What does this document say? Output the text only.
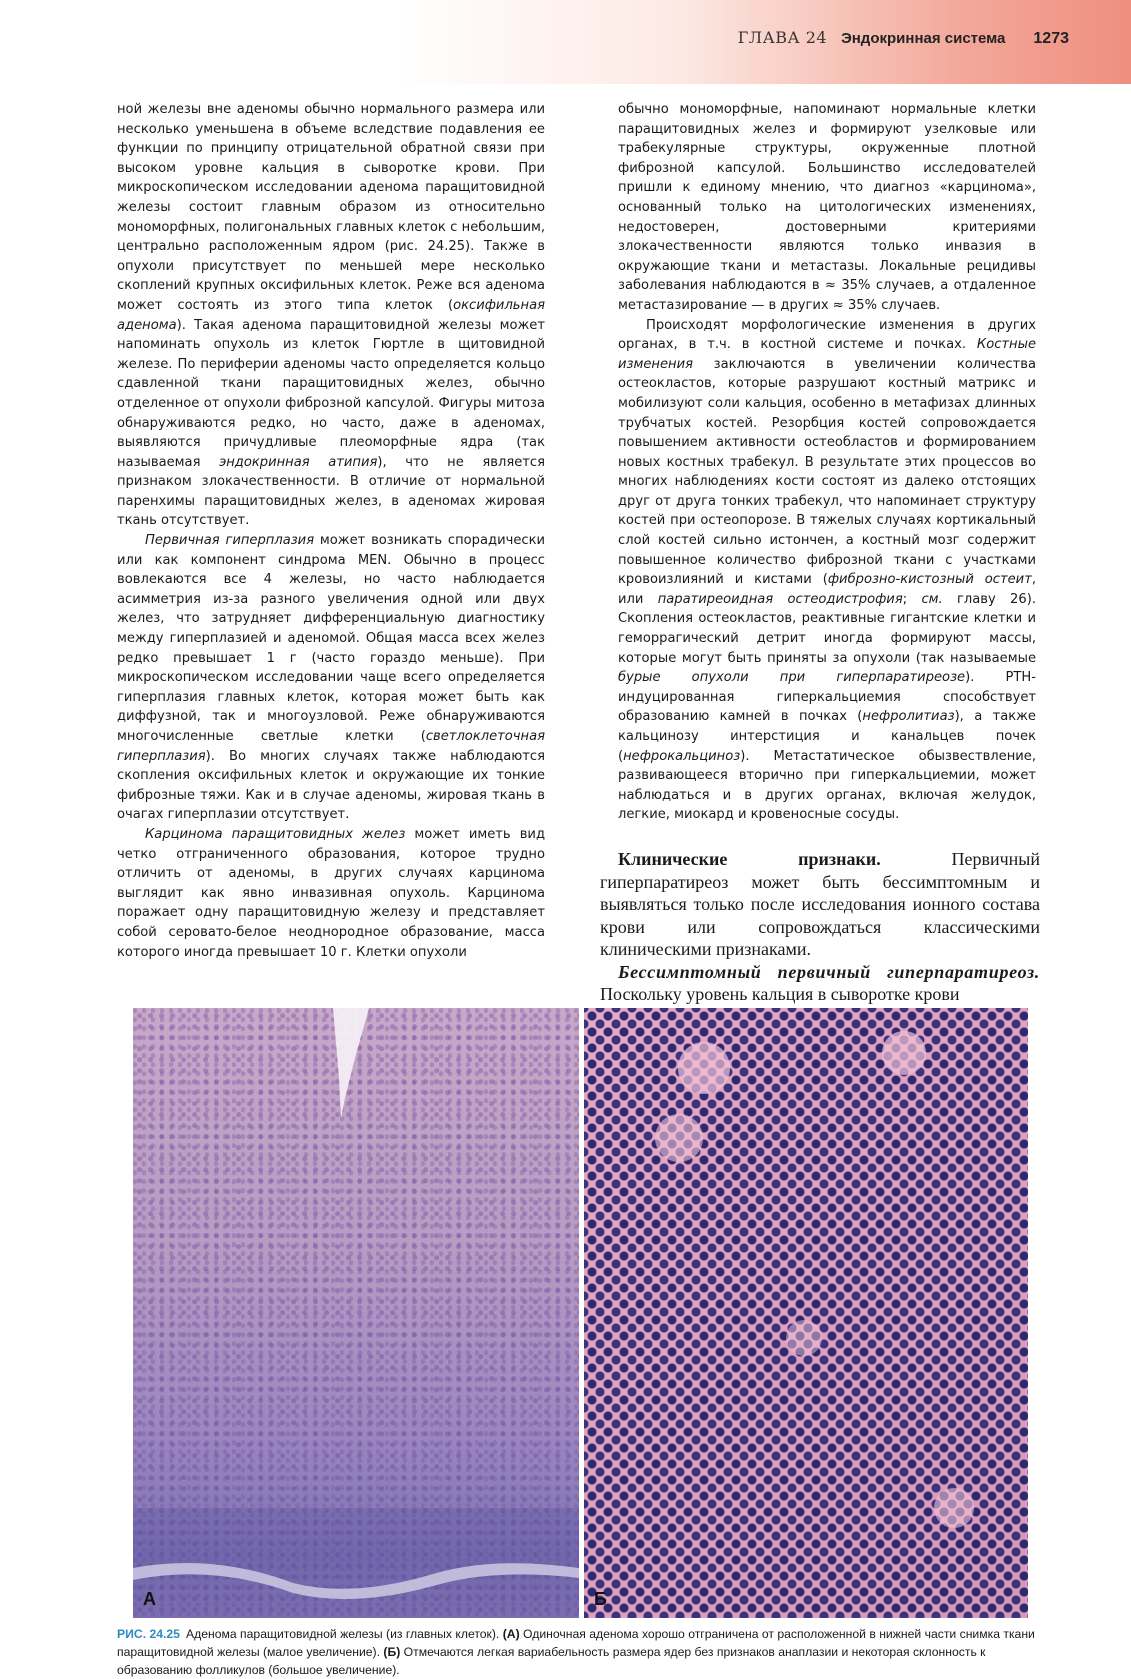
ГЛАВА 24 Эндокринная система 1273

ной железы вне аденомы обычно нормального размера или несколько уменьшена в объеме вследствие подавления ее функции по принципу отрицательной обратной связи при высоком уровне кальция в сыворотке крови. При микроскопическом исследовании аденома паращитовидной железы состоит главным образом из относительно мономорфных, полигональных главных клеток с небольшим, центрально расположенным ядром (рис. 24.25). Также в опухоли присутствует по меньшей мере несколько скоплений крупных оксифильных клеток. Реже вся аденома может состоять из этого типа клеток (оксифильная аденома). Такая аденома паращитовидной железы может напоминать опухоль из клеток Гюртле в щитовидной железе. По периферии аденомы часто определяется кольцо сдавленной ткани паращитовидных желез, обычно отделенное от опухоли фиброзной капсулой. Фигуры митоза обнаруживаются редко, но часто, даже в аденомах, выявляются причудливые плеоморфные ядра (так называемая эндокринная атипия), что не является признаком злокачественности. В отличие от нормальной паренхимы паращитовидных желез, в аденомах жировая ткань отсутствует.

Первичная гиперплазия может возникать спорадически или как компонент синдрома MEN. Обычно в процесс вовлекаются все 4 железы, но часто наблюдается асимметрия из-за разного увеличения одной или двух желез, что затрудняет дифференциальную диагностику между гиперплазией и аденомой. Общая масса всех желез редко превышает 1 г (часто гораздо меньше). При микроскопическом исследовании чаще всего определяется гиперплазия главных клеток, которая может быть как диффузной, так и многоузловой. Реже обнаруживаются многочисленные светлые клетки (светлоклеточная гиперплазия). Во многих случаях также наблюдаются скопления оксифильных клеток и окружающие их тонкие фиброзные тяжи. Как и в случае аденомы, жировая ткань в очагах гиперплазии отсутствует.

Карцинома паращитовидных желез может иметь вид четко отграниченного образования, которое трудно отличить от аденомы, в других случаях карцинома выглядит как явно инвазивная опухоль. Карцинома поражает одну паращитовидную железу и представляет собой серовато-белое неоднородное образование, масса которого иногда превышает 10 г. Клетки опухоли

обычно мономорфные, напоминают нормальные клетки паращитовидных желез и формируют узелковые или трабекулярные структуры, окруженные плотной фиброзной капсулой. Большинство исследователей пришли к единому мнению, что диагноз «карцинома», основанный только на цитологических изменениях, недостоверен, достоверными критериями злокачественности являются только инвазия в окружающие ткани и метастазы. Локальные рецидивы заболевания наблюдаются в ≈ 35% случаев, а отдаленное метастазирование — в других ≈ 35% случаев.

Происходят морфологические изменения в других органах, в т.ч. в костной системе и почках. Костные изменения заключаются в увеличении количества остеокластов, которые разрушают костный матрикс и мобилизуют соли кальция, особенно в метафизах длинных трубчатых костей. Резорбция костей сопровождается повышением активности остеобластов и формированием новых костных трабекул. В результате этих процессов во многих наблюдениях кости состоят из далеко отстоящих друг от друга тонких трабекул, что напоминает структуру костей при остеопорозе. В тяжелых случаях кортикальный слой костей сильно истончен, а костный мозг содержит повышенное количество фиброзной ткани с участками кровоизлияний и кистами (фиброзно-кистозный остеит, или паратиреоидная остеодистрофия; см. главу 26). Скопления остеокластов, реактивные гигантские клетки и геморрагический детрит иногда формируют массы, которые могут быть приняты за опухоли (так называемые бурые опухоли при гиперпаратиреозе). PTH-индуцированная гиперкальциемия способствует образованию камней в почках (нефролитиаз), а также кальцинозу интерстиция и канальцев почек (нефрокальциноз). Метастатическое обызвествление, развивающееся вторично при гиперкальциемии, может наблюдаться и в других органах, включая желудок, легкие, миокард и кровеносные сосуды.

Клинические признаки. Первичный гиперпаратиреоз может быть бессимптомным и выявляться только после исследования ионного состава крови или сопровождаться классическими клиническими признаками.

Бессимптомный первичный гиперпаратиреоз. Поскольку уровень кальция в сыворотке крови

А	Б
РИС. 24.25 Аденома паращитовидной железы (из главных клеток). (А) Одиночная аденома хорошо отграничена от расположенной в нижней части снимка ткани паращитовидной железы (малое увеличение). (Б) Отмечаются легкая вариабельность размера ядер без признаков анаплазии и некоторая склонность к образованию фолликулов (большое увеличение).
